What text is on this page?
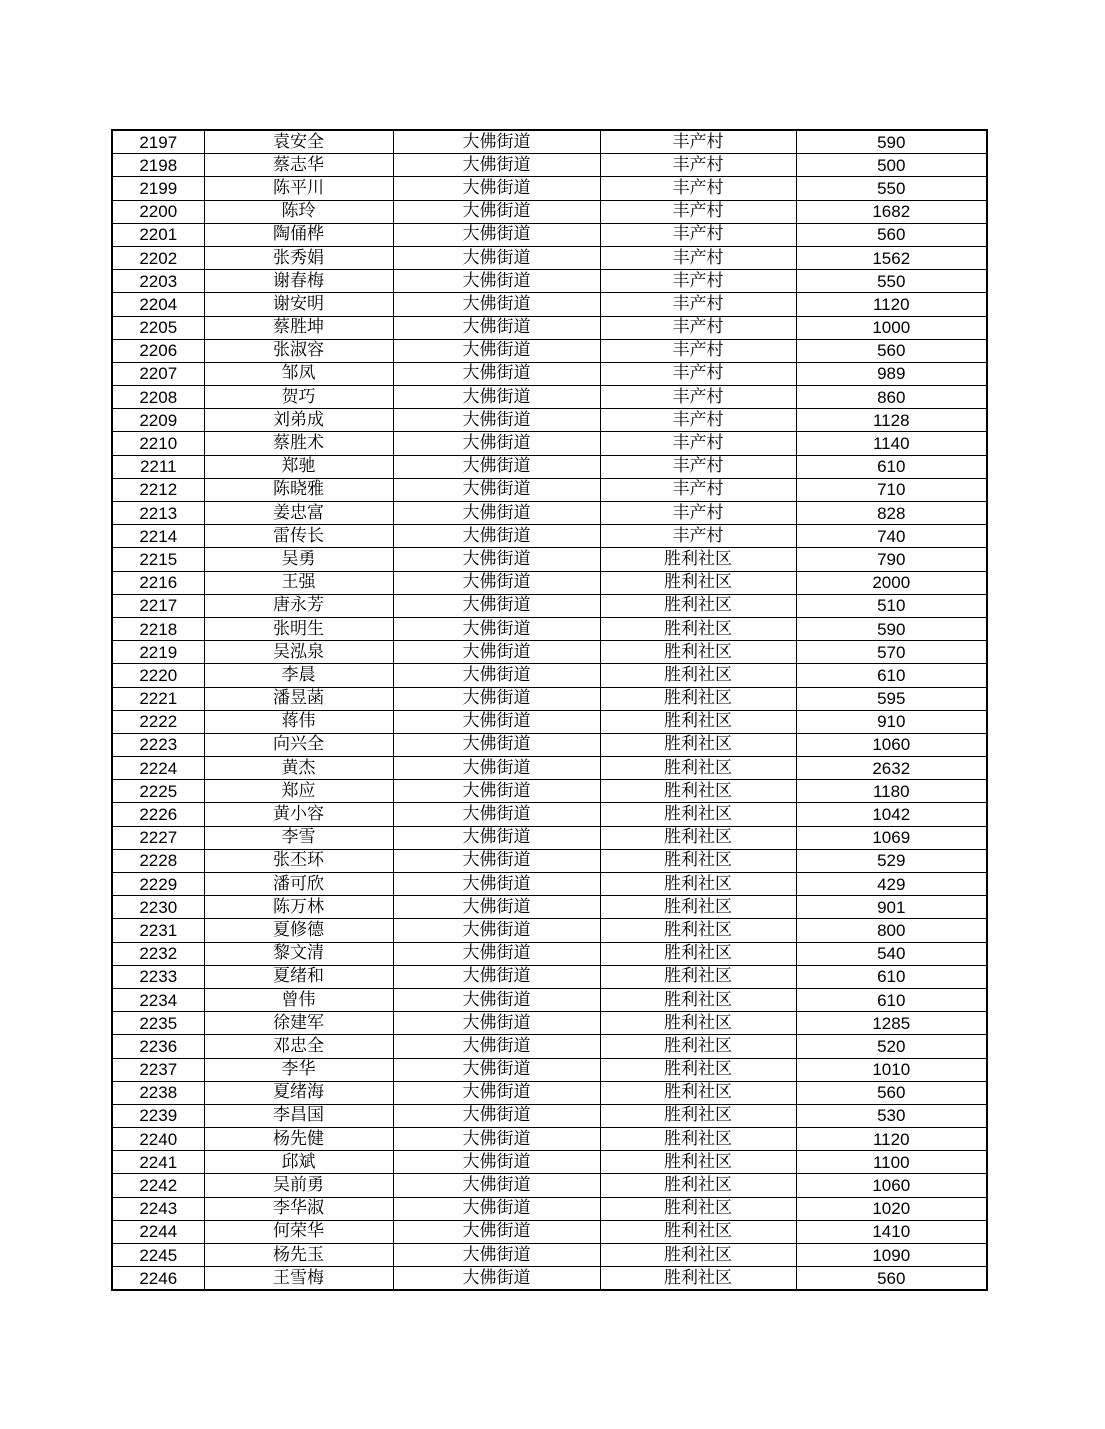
2197	袁安全	大佛街道	丰产村	590
2198	蔡志华	大佛街道	丰产村	500
2199	陈平川	大佛街道	丰产村	550
2200	陈玲	大佛街道	丰产村	1682
2201	陶俑桦	大佛街道	丰产村	560
2202	张秀娟	大佛街道	丰产村	1562
2203	谢春梅	大佛街道	丰产村	550
2204	谢安明	大佛街道	丰产村	1120
2205	蔡胜坤	大佛街道	丰产村	1000
2206	张淑容	大佛街道	丰产村	560
2207	邹凤	大佛街道	丰产村	989
2208	贺巧	大佛街道	丰产村	860
2209	刘弟成	大佛街道	丰产村	1128
2210	蔡胜术	大佛街道	丰产村	1140
2211	郑驰	大佛街道	丰产村	610
2212	陈晓雅	大佛街道	丰产村	710
2213	姜忠富	大佛街道	丰产村	828
2214	雷传长	大佛街道	丰产村	740
2215	吴勇	大佛街道	胜利社区	790
2216	王强	大佛街道	胜利社区	2000
2217	唐永芳	大佛街道	胜利社区	510
2218	张明生	大佛街道	胜利社区	590
2219	吴泓泉	大佛街道	胜利社区	570
2220	李晨	大佛街道	胜利社区	610
2221	潘昱菡	大佛街道	胜利社区	595
2222	蒋伟	大佛街道	胜利社区	910
2223	向兴全	大佛街道	胜利社区	1060
2224	黄杰	大佛街道	胜利社区	2632
2225	郑应	大佛街道	胜利社区	1180
2226	黄小容	大佛街道	胜利社区	1042
2227	李雪	大佛街道	胜利社区	1069
2228	张丕环	大佛街道	胜利社区	529
2229	潘可欣	大佛街道	胜利社区	429
2230	陈万林	大佛街道	胜利社区	901
2231	夏修德	大佛街道	胜利社区	800
2232	黎文清	大佛街道	胜利社区	540
2233	夏绪和	大佛街道	胜利社区	610
2234	曾伟	大佛街道	胜利社区	610
2235	徐建军	大佛街道	胜利社区	1285
2236	邓忠全	大佛街道	胜利社区	520
2237	李华	大佛街道	胜利社区	1010
2238	夏绪海	大佛街道	胜利社区	560
2239	李昌国	大佛街道	胜利社区	530
2240	杨先健	大佛街道	胜利社区	1120
2241	邱斌	大佛街道	胜利社区	1100
2242	吴前勇	大佛街道	胜利社区	1060
2243	李华淑	大佛街道	胜利社区	1020
2244	何荣华	大佛街道	胜利社区	1410
2245	杨先玉	大佛街道	胜利社区	1090
2246	王雪梅	大佛街道	胜利社区	560
